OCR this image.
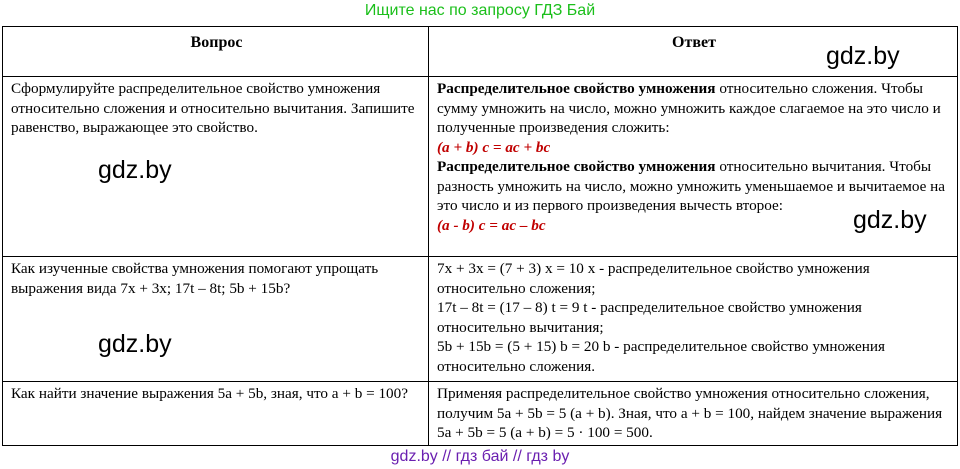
Ищите нас по запросу ГДЗ Бай
Вопрос	Ответ
Сформулируйте распределительное свойство умножения относительно сложения и относительно вычитания. Запишите равенство, выражающее это свойство.	Распределительное свойство умножения относительно сложения. Чтобы сумму умножить на число, можно умножить каждое слагаемое на это число и полученные произведения сложить:

(a + b) c = ac + bc

Распределительное свойство умножения относительно вычитания. Чтобы разность умножить на число, можно умножить уменьшаемое и вычитаемое на это число и из первого произведения вычесть второе:

(a - b) c = ac – bc

Как изученные свойства умножения помогают упрощать выражения вида 7x + 3x; 17t – 8t; 5b + 15b?	7x + 3x = (7 + 3) x = 10 x - распределительное свойство умножения относительно сложения;

17t – 8t = (17 – 8) t = 9 t - распределительное свойство умножения относительно вычитания;

5b + 15b = (5 + 15) b = 20 b - распределительное свойство умножения относительно сложения.

Как найти значение выражения 5a + 5b, зная, что a + b = 100?	Применяя распределительное свойство умножения относительно сложения, получим 5a + 5b = 5 (a + b). Зная, что a + b = 100, найдем значение выражения 5a + 5b = 5 (a + b) = 5 · 100 = 500.
gdz.by
gdz.by
gdz.by
gdz.by
gdz.by // гдз бай // гдз by
